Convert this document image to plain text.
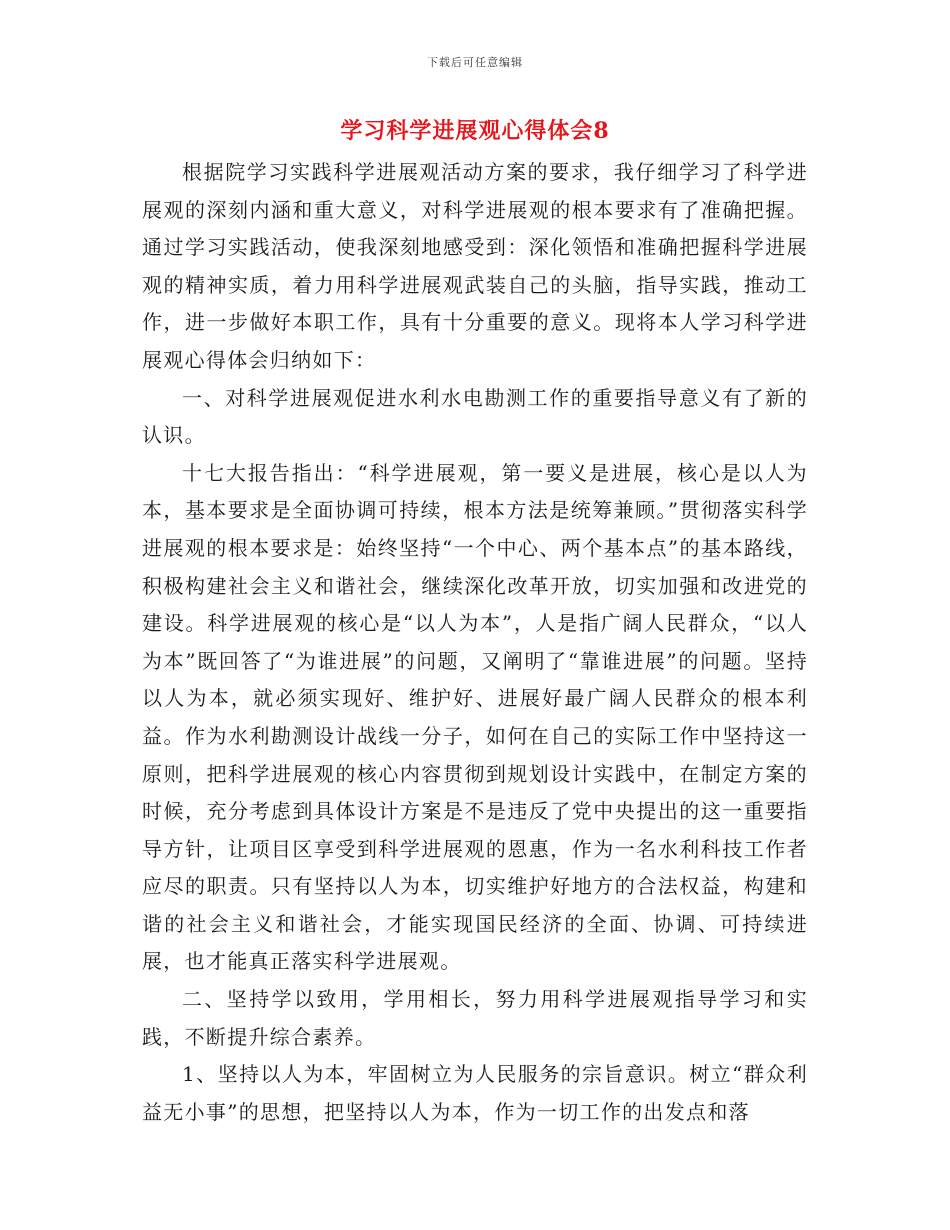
下载后可任意编辑
学习科学进展观心得体会8

根据院学习实践科学进展观活动方案的要求，我仔细学习了科学进展观的深刻内涵和重大意义，对科学进展观的根本要求有了准确把握。通过学习实践活动，使我深刻地感受到：深化领悟和准确把握科学进展观的精神实质，着力用科学进展观武装自己的头脑，指导实践，推动工作，进一步做好本职工作，具有十分重要的意义。现将本人学习科学进展观心得体会归纳如下：

一、对科学进展观促进水利水电勘测工作的重要指导意义有了新的认识。

十七大报告指出：“科学进展观，第一要义是进展，核心是以人为本，基本要求是全面协调可持续，根本方法是统筹兼顾。”贯彻落实科学进展观的根本要求是：始终坚持“一个中心、两个基本点”的基本路线，积极构建社会主义和谐社会，继续深化改革开放，切实加强和改进党的建设。科学进展观的核心是“以人为本”，人是指广阔人民群众，“以人为本”既回答了“为谁进展”的问题，又阐明了“靠谁进展”的问题。坚持以人为本，就必须实现好、维护好、进展好最广阔人民群众的根本利益。作为水利勘测设计战线一分子，如何在自己的实际工作中坚持这一原则，把科学进展观的核心内容贯彻到规划设计实践中，在制定方案的时候，充分考虑到具体设计方案是不是违反了党中央提出的这一重要指导方针，让项目区享受到科学进展观的恩惠，作为一名水利科技工作者应尽的职责。只有坚持以人为本，切实维护好地方的合法权益，构建和谐的社会主义和谐社会，才能实现国民经济的全面、协调、可持续进展，也才能真正落实科学进展观。

二、坚持学以致用，学用相长，努力用科学进展观指导学习和实践，不断提升综合素养。

1、坚持以人为本，牢固树立为人民服务的宗旨意识。树立“群众利益无小事”的思想，把坚持以人为本，作为一切工作的出发点和落
